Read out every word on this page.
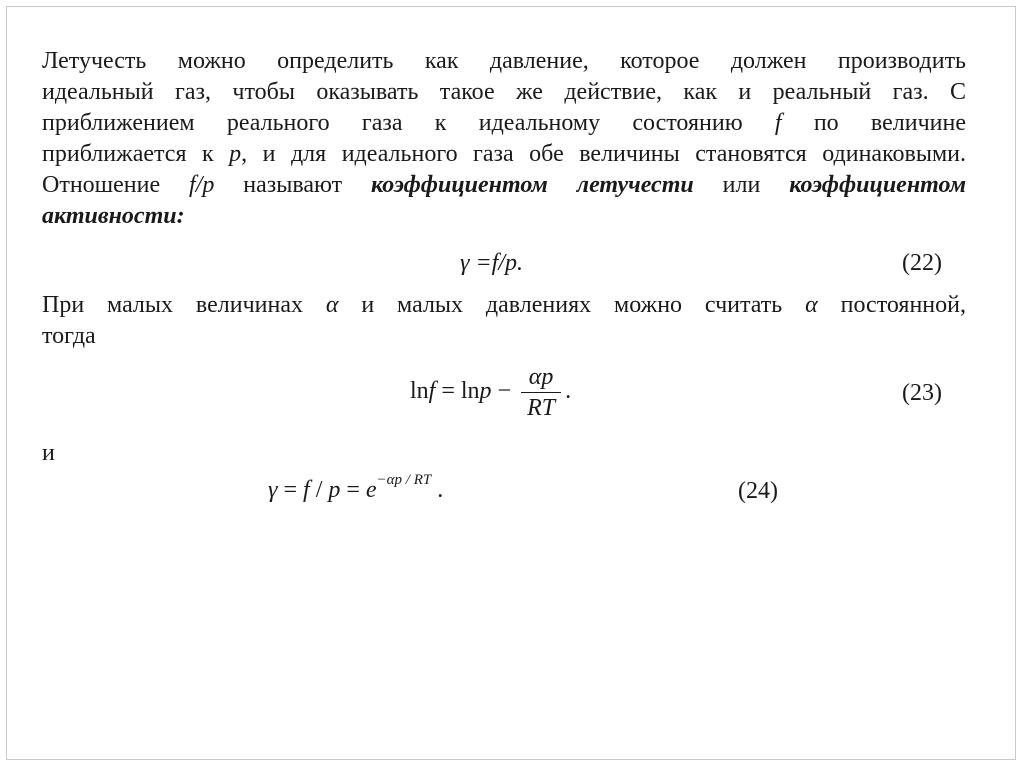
Летучесть можно определить как давление, которое должен производить
идеальный газ, чтобы оказывать такое же действие, как и реальный газ. С
приближением реального газа к идеальному состоянию f по величине
приближается к p, и для идеального газа обе величины становятся одинаковыми.
Отношение f/p называют коэффициентом летучести или коэффициентом
активности:
γ =f/p.	(22)
При малых величинах α и малых давлениях можно считать α постоянной,
тогда
$\ln f = \ln p - \frac{\alpha p}{RT}$ .	(23)
и
$\gamma = f / p = e^{-\alpha p / RT}$ .	(24)
